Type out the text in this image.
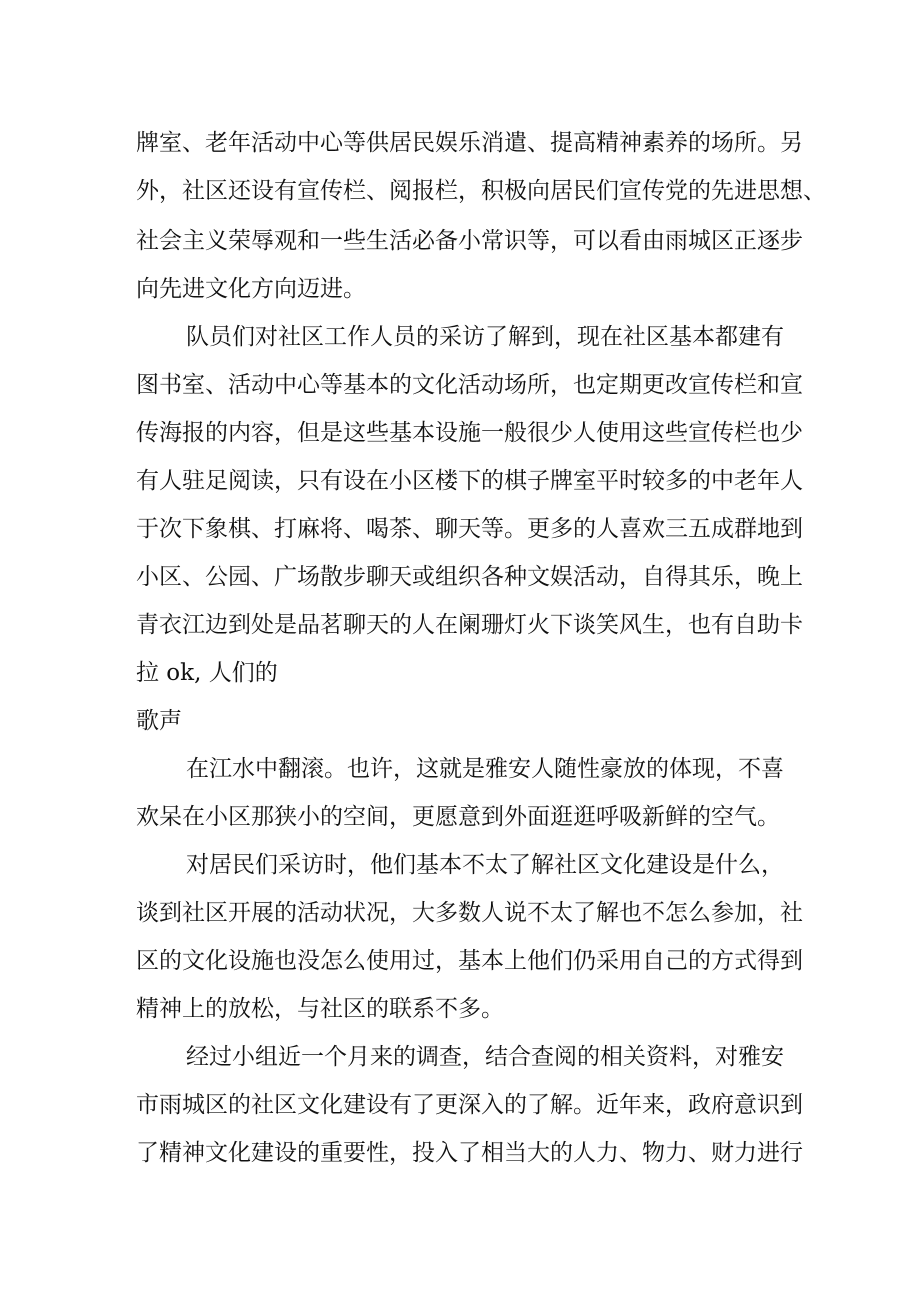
牌室、老年活动中心等供居民娱乐消遣、提高精神素养的场所。另
外，社区还设有宣传栏、阅报栏，积极向居民们宣传党的先进思想、
社会主义荣辱观和一些生活必备小常识等，可以看由雨城区正逐步
向先进文化方向迈进。
队员们对社区工作人员的采访了解到，现在社区基本都建有
图书室、活动中心等基本的文化活动场所，也定期更改宣传栏和宣
传海报的内容，但是这些基本设施一般很少人使用这些宣传栏也少
有人驻足阅读，只有设在小区楼下的棋子牌室平时较多的中老年人
于次下象棋、打麻将、喝茶、聊天等。更多的人喜欢三五成群地到
小区、公园、广场散步聊天或组织各种文娱活动，自得其乐，晚上
青衣江边到处是品茗聊天的人在阑珊灯火下谈笑风生，也有自助卡
拉 ok, 人们的
歌声
在江水中翻滚。也许，这就是雅安人随性豪放的体现，不喜
欢呆在小区那狭小的空间，更愿意到外面逛逛呼吸新鲜的空气。
对居民们采访时，他们基本不太了解社区文化建设是什么，
谈到社区开展的活动状况，大多数人说不太了解也不怎么参加，社
区的文化设施也没怎么使用过，基本上他们仍采用自己的方式得到
精神上的放松，与社区的联系不多。
经过小组近一个月来的调查，结合查阅的相关资料，对雅安
市雨城区的社区文化建设有了更深入的了解。近年来，政府意识到
了精神文化建设的重要性，投入了相当大的人力、物力、财力进行
